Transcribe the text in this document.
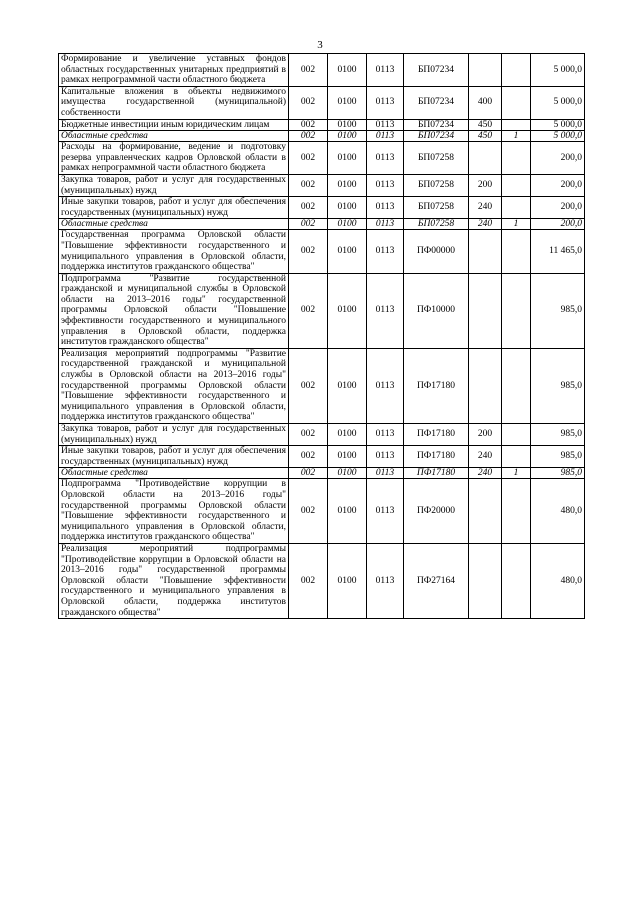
3
Формирование и увеличение уставных фондов областных государственных унитарных предприятий в рамках непрограммной части областного бюджета	002	0100	0113	БП07234			5 000,0
Капитальные вложения в объекты недвижимого имущества государственной (муниципальной) собственности	002	0100	0113	БП07234	400		5 000,0
Бюджетные инвестиции иным юридическим лицам	002	0100	0113	БП07234	450		5 000,0
Областные средства	002	0100	0113	БП07234	450	1	5 000,0
Расходы на формирование, ведение и подготовку резерва управленческих кадров Орловской области в рамках непрограммной части областного бюджета	002	0100	0113	БП07258			200,0
Закупка товаров, работ и услуг для государственных (муниципальных) нужд	002	0100	0113	БП07258	200		200,0
Иные закупки товаров, работ и услуг для обеспечения государственных (муниципальных) нужд	002	0100	0113	БП07258	240		200,0
Областные средства	002	0100	0113	БП07258	240	1	200,0
Государственная программа Орловской области "Повышение эффективности государственного и муниципального управления в Орловской области, поддержка институтов гражданского общества"	002	0100	0113	ПФ00000			11 465,0
Подпрограмма "Развитие государственной гражданской и муниципальной службы в Орловской области на 2013–2016 годы" государственной программы Орловской области "Повышение эффективности государственного и муниципального управления в Орловской области, поддержка институтов гражданского общества"	002	0100	0113	ПФ10000			985,0
Реализация мероприятий подпрограммы "Развитие государственной гражданской и муниципальной службы в Орловской области на 2013–2016 годы" государственной программы Орловской области "Повышение эффективности государственного и муниципального управления в Орловской области, поддержка институтов гражданского общества"	002	0100	0113	ПФ17180			985,0
Закупка товаров, работ и услуг для государственных (муниципальных) нужд	002	0100	0113	ПФ17180	200		985,0
Иные закупки товаров, работ и услуг для обеспечения государственных (муниципальных) нужд	002	0100	0113	ПФ17180	240		985,0
Областные средства	002	0100	0113	ПФ17180	240	1	985,0
Подпрограмма "Противодействие коррупции в Орловской области на 2013–2016 годы" государственной программы Орловской области "Повышение эффективности государственного и муниципального управления в Орловской области, поддержка институтов гражданского общества"	002	0100	0113	ПФ20000			480,0
Реализация мероприятий подпрограммы "Противодействие коррупции в Орловской области на 2013–2016 годы" государственной программы Орловской области "Повышение эффективности государственного и муниципального управления в Орловской области, поддержка институтов гражданского общества"	002	0100	0113	ПФ27164			480,0
